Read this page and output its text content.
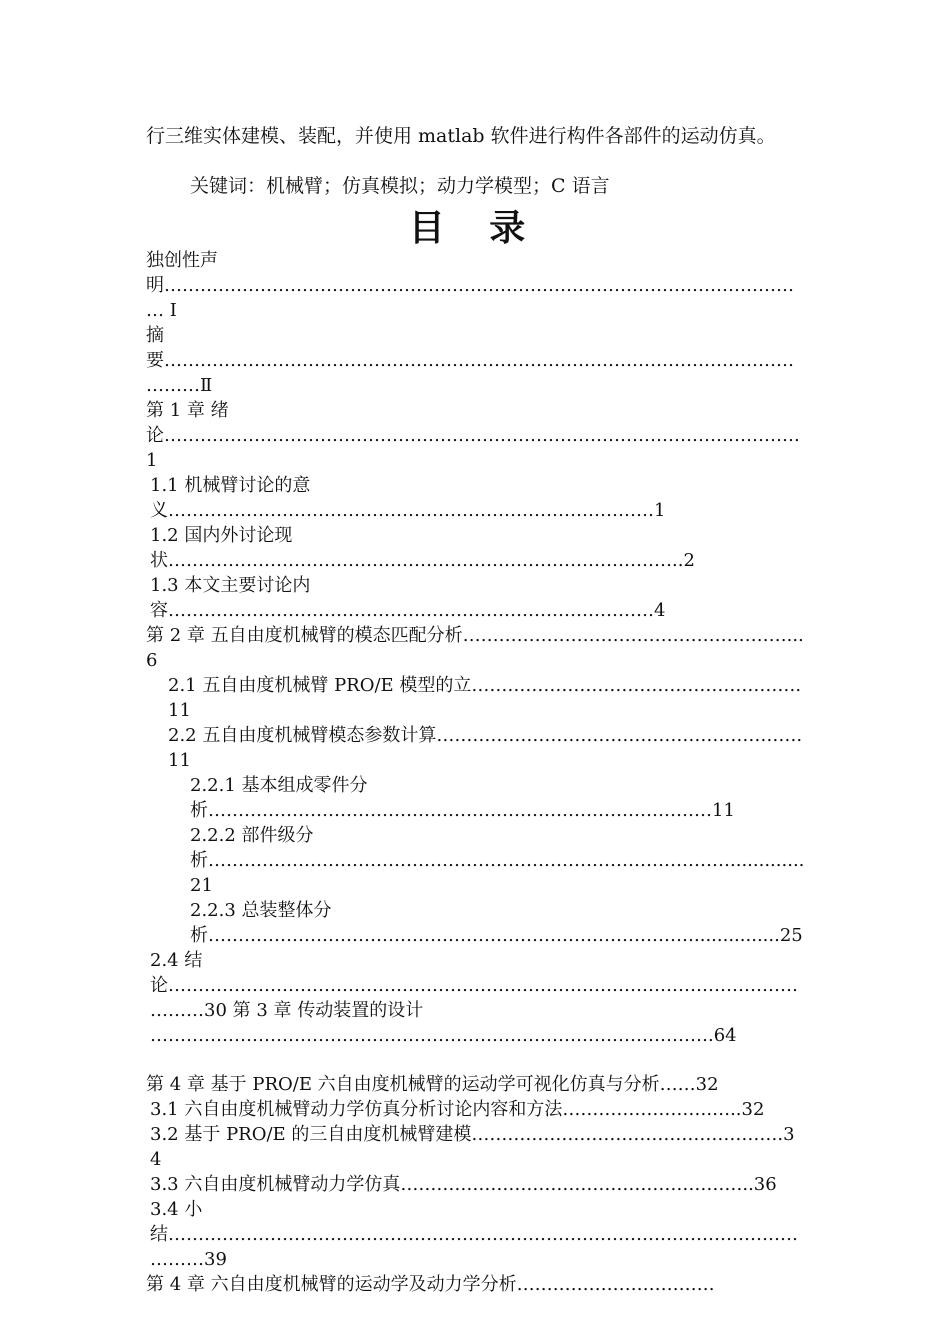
行三维实体建模、装配，并使用 matlab 软件进行构件各部件的运动仿真。
关键词：机械臂；仿真模拟；动力学模型；C 语言
目 录

独创性声明……………………………………………………………………………………………… Ⅰ

摘 要……………………………………………………………………………………………………Ⅱ

第 1 章 绪论…………………………………………………………………………………………….1

1.1 机械臂讨论的意义………………………………………………………………………1

1.2 国内外讨论现状…………………………………………………………………………..2

1.3 本文主要讨论内容………………………………………………………………………4

第 2 章 五自由度机械臂的模态匹配分析………………………………………………...6

2.1 五自由度机械臂 PRO/E 模型的立……………………………………………….11

2.2 五自由度机械臂模态参数计算…………………………………………………….11

2.2.1 基本组成零件分析…………………………………………………………………………11

2.2.2 部件级分析…………………………………………………………………………….............21

2.2.3 总装整体分析………………………………………………………………………...............25

2.4 结论……………………………………………………………………………………………………30 第 3 章 传动装置的设计 ………………………………………………………………………………….64

第 4 章 基于 PRO/E 六自由度机械臂的运动学可视化仿真与分析……32

3.1 六自由度机械臂动力学仿真分析讨论内容和方法…………………….…..32

3.2 基于 PRO/E 的三自由度机械臂建模…………………………………………….34

3.3 六自由度机械臂动力学仿真…………………………………………………..36

3.4 小结……………………………………………………………………………………………………39

第 4 章 六自由度机械臂的运动学及动力学分析……………………………
